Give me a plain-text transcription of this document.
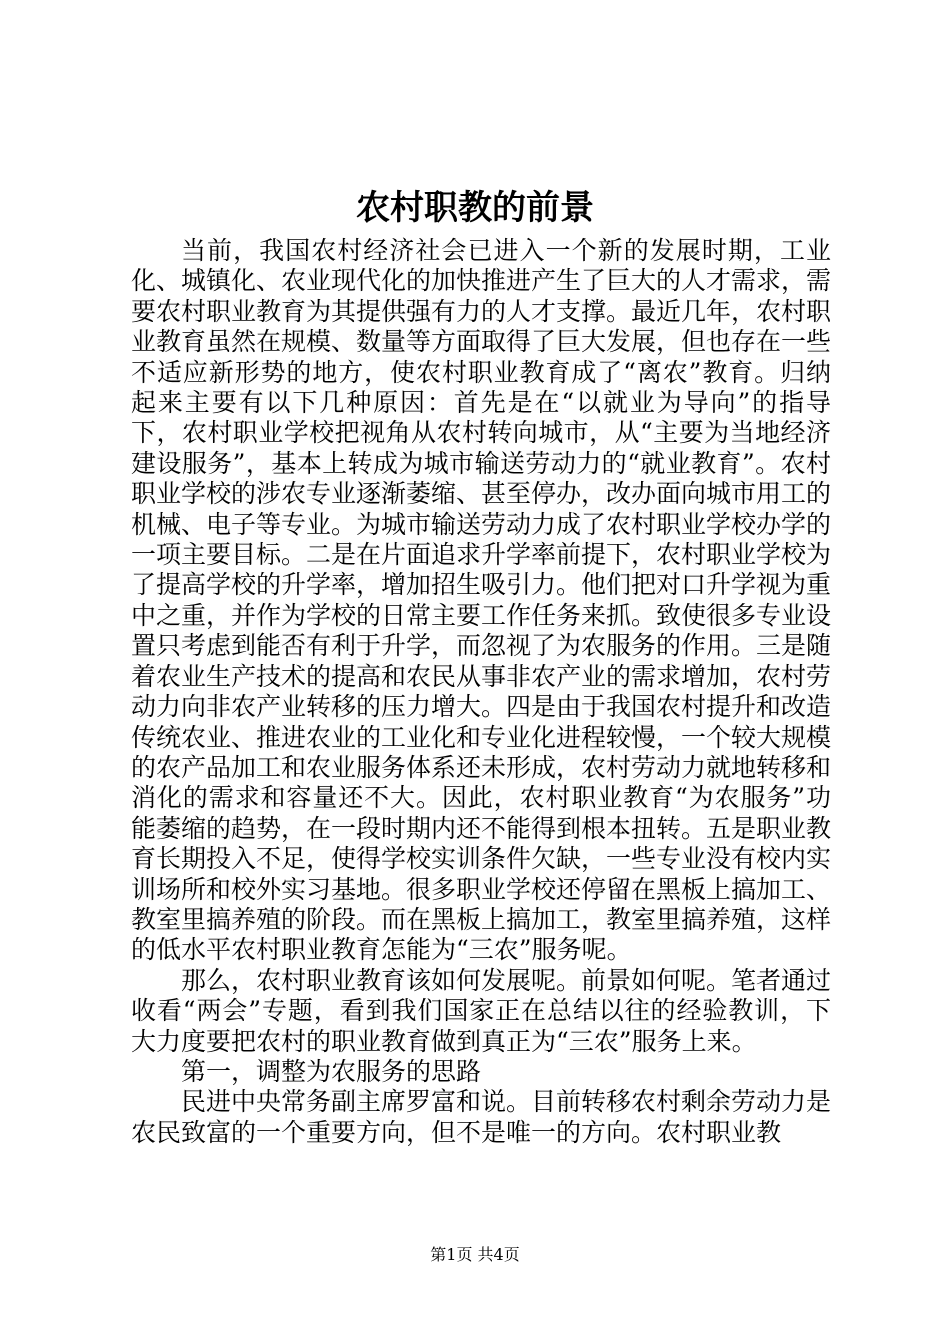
农村职教的前景

当前，我国农村经济社会已进入一个新的发展时期，工业化、城镇化、农业现代化的加快推进产生了巨大的人才需求，需要农村职业教育为其提供强有力的人才支撑。最近几年，农村职业教育虽然在规模、数量等方面取得了巨大发展，但也存在一些不适应新形势的地方，使农村职业教育成了“离农”教育。归纳起来主要有以下几种原因：首先是在“以就业为导向”的指导下，农村职业学校把视角从农村转向城市，从“主要为当地经济建设服务”，基本上转成为城市输送劳动力的“就业教育”。农村职业学校的涉农专业逐渐萎缩、甚至停办，改办面向城市用工的机械、电子等专业。为城市输送劳动力成了农村职业学校办学的一项主要目标。二是在片面追求升学率前提下，农村职业学校为了提高学校的升学率，增加招生吸引力。他们把对口升学视为重中之重，并作为学校的日常主要工作任务来抓。致使很多专业设置只考虑到能否有利于升学，而忽视了为农服务的作用。三是随着农业生产技术的提高和农民从事非农产业的需求增加，农村劳动力向非农产业转移的压力增大。四是由于我国农村提升和改造传统农业、推进农业的工业化和专业化进程较慢，一个较大规模的农产品加工和农业服务体系还未形成，农村劳动力就地转移和消化的需求和容量还不大。因此，农村职业教育“为农服务”功能萎缩的趋势，在一段时期内还不能得到根本扭转。五是职业教育长期投入不足，使得学校实训条件欠缺，一些专业没有校内实训场所和校外实习基地。很多职业学校还停留在黑板上搞加工、教室里搞养殖的阶段。而在黑板上搞加工，教室里搞养殖，这样的低水平农村职业教育怎能为“三农”服务呢。

那么，农村职业教育该如何发展呢。前景如何呢。笔者通过收看“两会”专题，看到我们国家正在总结以往的经验教训，下大力度要把农村的职业教育做到真正为“三农”服务上来。

第一，调整为农服务的思路

民进中央常务副主席罗富和说。目前转移农村剩余劳动力是农民致富的一个重要方向，但不是唯一的方向。农村职业教

第1页 共4页
